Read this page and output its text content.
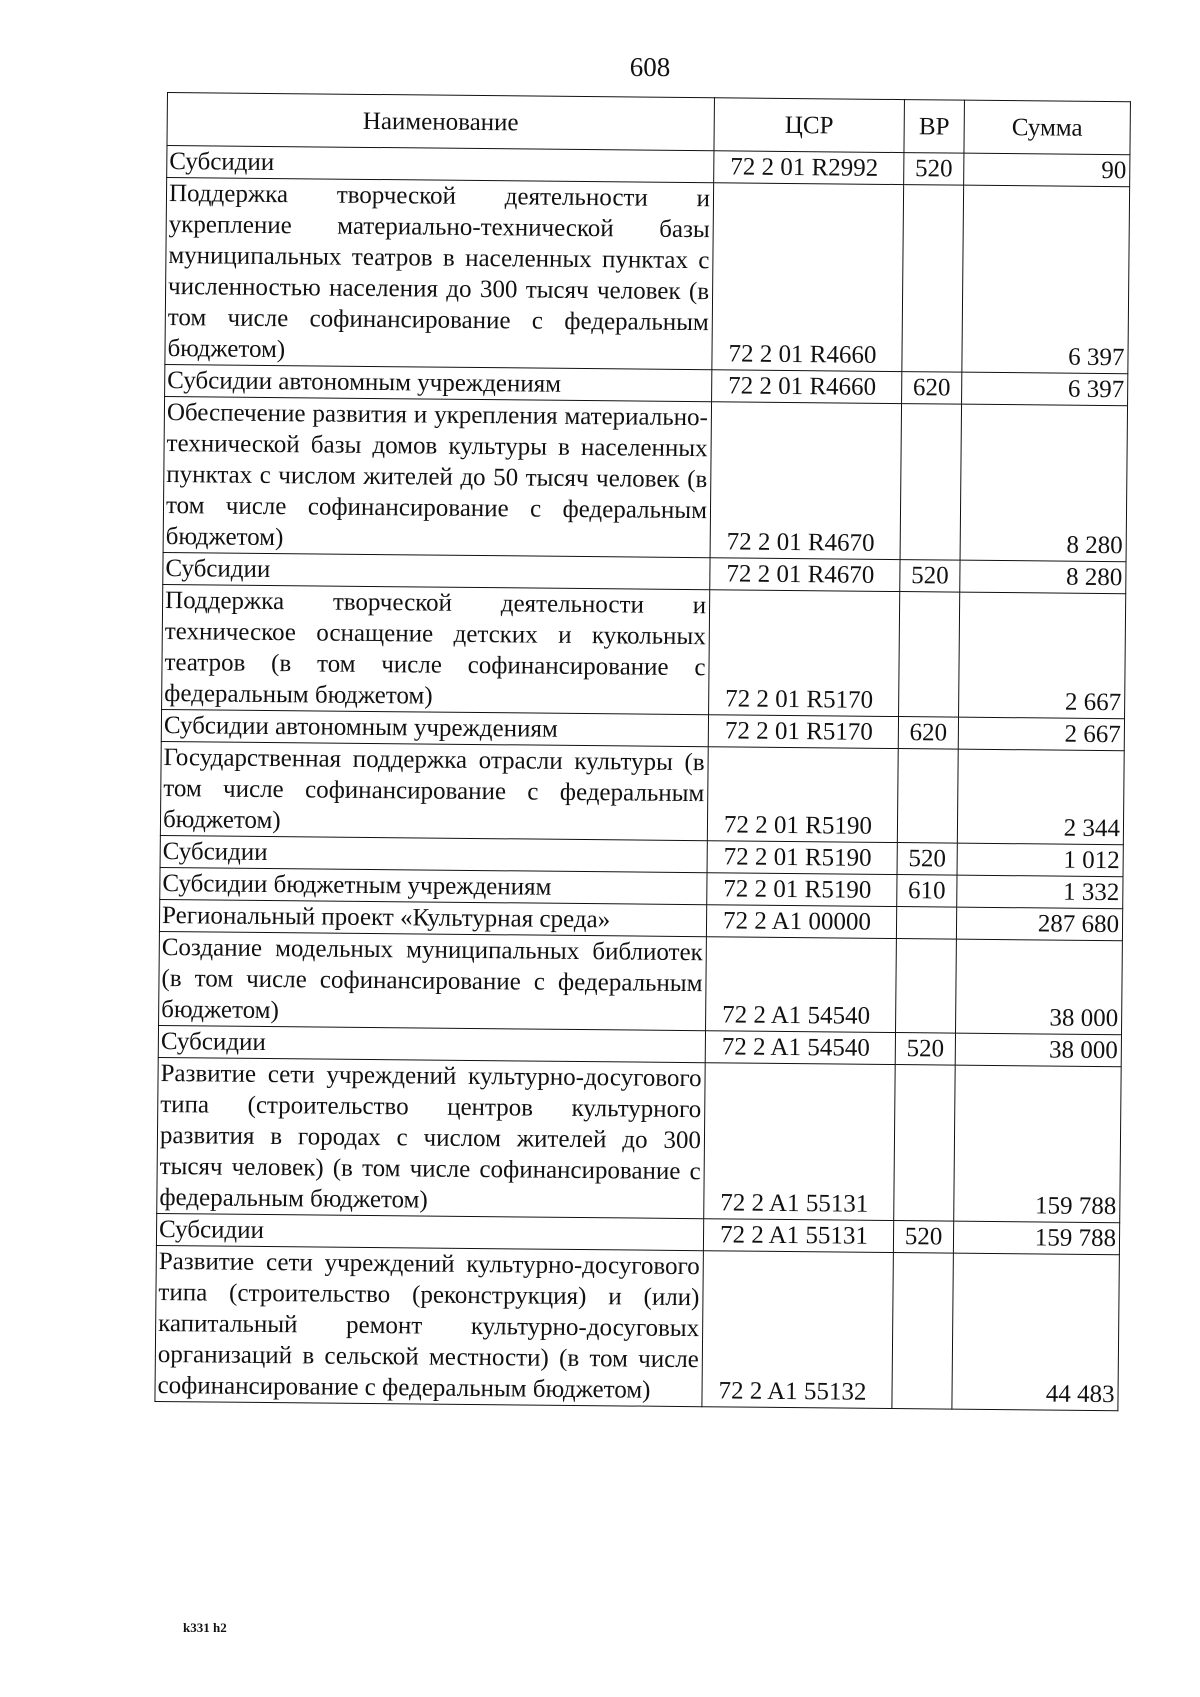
608
Наименование	ЦСР	ВР	Сумма
Субсидии	72 2 01 R2992	520	90
Поддержка творческой деятельности и укрепление материально-технической базы муниципальных театров в населенных пунктах с численностью населения до 300 тысяч человек (в том числе софинансирование с федеральным бюджетом)	72 2 01 R4660		6 397
Субсидии автономным учреждениям	72 2 01 R4660	620	6 397
Обеспечение развития и укрепления материально-технической базы домов культуры в населенных пунктах с числом жителей до 50 тысяч человек (в том числе софинансирование с федеральным бюджетом)	72 2 01 R4670		8 280
Субсидии	72 2 01 R4670	520	8 280
Поддержка творческой деятельности и техническое оснащение детских и кукольных театров (в том числе софинансирование с федеральным бюджетом)	72 2 01 R5170		2 667
Субсидии автономным учреждениям	72 2 01 R5170	620	2 667
Государственная поддержка отрасли культуры (в том числе софинансирование с федеральным бюджетом)	72 2 01 R5190		2 344
Субсидии	72 2 01 R5190	520	1 012
Субсидии бюджетным учреждениям	72 2 01 R5190	610	1 332
Региональный проект «Культурная среда»	72 2 A1 00000		287 680
Создание модельных муниципальных библиотек (в том числе софинансирование с федеральным бюджетом)	72 2 A1 54540		38 000
Субсидии	72 2 A1 54540	520	38 000
Развитие сети учреждений культурно-досугового типа (строительство центров культурного развития в городах с числом жителей до 300 тысяч человек) (в том числе софинансирование с федеральным бюджетом)	72 2 A1 55131		159 788
Субсидии	72 2 A1 55131	520	159 788
Развитие сети учреждений культурно-досугового типа (строительство (реконструкция) и (или) капитальный ремонт культурно-досуговых организаций в сельской местности) (в том числе софинансирование с федеральным бюджетом)	72 2 A1 55132		44 483
k331 h2
